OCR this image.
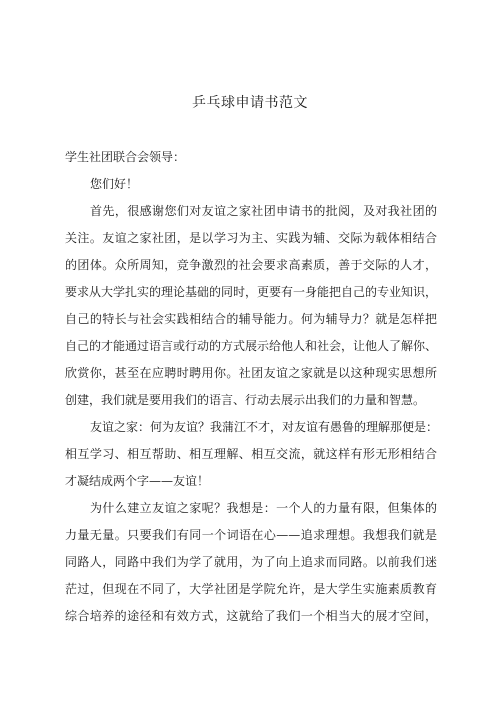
乒乓球申请书范文
学生社团联合会领导：
您们好！
首先，很感谢您们对友谊之家社团申请书的批阅，及对我社团的
关注。友谊之家社团，是以学习为主、实践为辅、交际为载体相结合
的团体。众所周知，竞争激烈的社会要求高素质，善于交际的人才，
要求从大学扎实的理论基础的同时，更要有一身能把自己的专业知识，
自己的特长与社会实践相结合的辅导能力。何为辅导力？就是怎样把
自己的才能通过语言或行动的方式展示给他人和社会，让他人了解你、
欣赏你，甚至在应聘时聘用你。社团友谊之家就是以这种现实思想所
创建，我们就是要用我们的语言、行动去展示出我们的力量和智慧。
友谊之家：何为友谊？我蒲江不才，对友谊有愚鲁的理解那便是：
相互学习、相互帮助、相互理解、相互交流，就这样有形无形相结合
才凝结成两个字——友谊！
为什么建立友谊之家呢？我想是：一个人的力量有限，但集体的
力量无量。只要我们有同一个词语在心——追求理想。我想我们就是
同路人，同路中我们为学了就用，为了向上追求而同路。以前我们迷
茫过，但现在不同了，大学社团是学院允许，是大学生实施素质教育
综合培养的途径和有效方式，这就给了我们一个相当大的展才空间，
